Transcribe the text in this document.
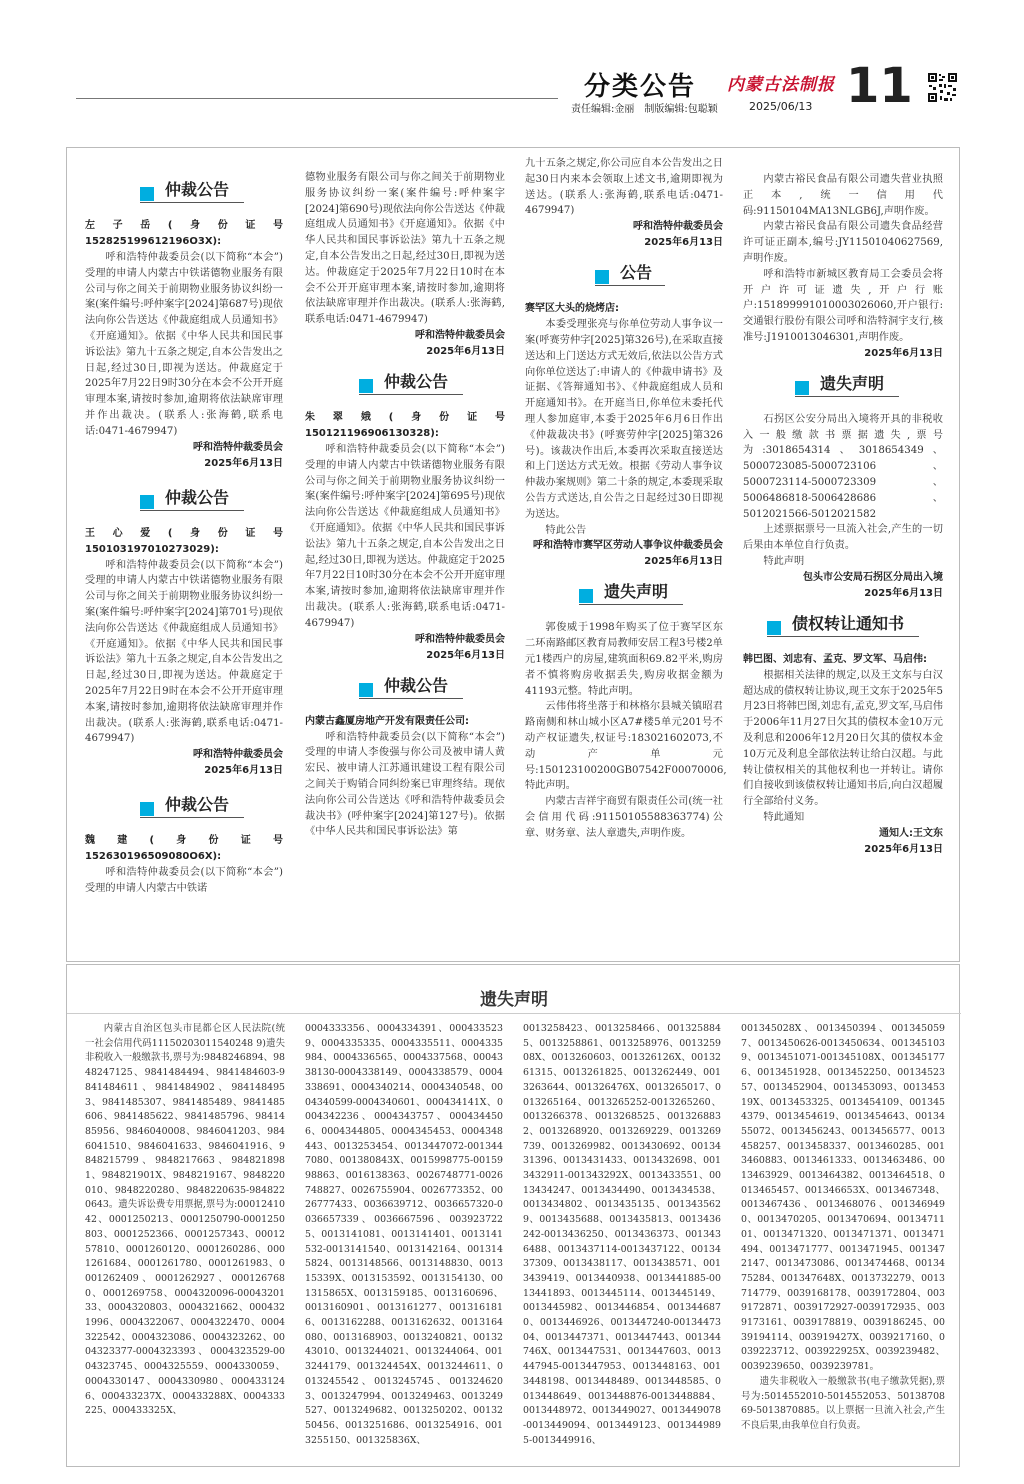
分类公告 内蒙古法制报
责任编辑:金丽　制版编辑:包聪颖	2025/06/13 11
仲裁公告
左子岳(身份证号152825199612196O3X):

呼和浩特仲裁委员会(以下简称“本会”)受理的申请人内蒙古中铁诺德物业服务有限公司与你之间关于前期物业服务协议纠纷一案(案件编号:呼仲案字[2024]第687号)现依法向你公告送达《仲裁庭组成人员通知书》《开庭通知》。依据《中华人民共和国民事诉讼法》第九十五条之规定,自本公告发出之日起,经过30日,即视为送达。仲裁庭定于2025年7月22日9时30分在本会不公开开庭审理本案,请按时参加,逾期将依法缺席审理并作出裁决。(联系人:张海鹤,联系电话:0471-4679947)

呼和浩特仲裁委员会
2025年6月13日
仲裁公告
王心爱(身份证号150103197010273029):

呼和浩特仲裁委员会(以下简称“本会”)受理的申请人内蒙古中铁诺德物业服务有限公司与你之间关于前期物业服务协议纠纷一案(案件编号:呼仲案字[2024]第701号)现依法向你公告送达《仲裁庭组成人员通知书》《开庭通知》。依据《中华人民共和国民事诉讼法》第九十五条之规定,自本公告发出之日起,经过30日,即视为送达。仲裁庭定于2025年7月22日9时在本会不公开开庭审理本案,请按时参加,逾期将依法缺席审理并作出裁决。(联系人:张海鹤,联系电话:0471-4679947)

呼和浩特仲裁委员会
2025年6月13日
仲裁公告
魏建(身份证号152630196509080O6X):

呼和浩特仲裁委员会(以下简称“本会”)受理的申请人内蒙古中铁诺

德物业服务有限公司与你之间关于前期物业服务协议纠纷一案(案件编号:呼仲案字[2024]第690号)现依法向你公告送达《仲裁庭组成人员通知书》《开庭通知》。依据《中华人民共和国民事诉讼法》第九十五条之规定,自本公告发出之日起,经过30日,即视为送达。仲裁庭定于2025年7月22日10时在本会不公开开庭审理本案,请按时参加,逾期将依法缺席审理并作出裁决。(联系人:张海鹤,联系电话:0471-4679947)

呼和浩特仲裁委员会
2025年6月13日
仲裁公告
朱翠娥(身份证号150121196906130328):

呼和浩特仲裁委员会(以下简称“本会”)受理的申请人内蒙古中铁诺德物业服务有限公司与你之间关于前期物业服务协议纠纷一案(案件编号:呼仲案字[2024]第695号)现依法向你公告送达《仲裁庭组成人员通知书》《开庭通知》。依据《中华人民共和国民事诉讼法》第九十五条之规定,自本公告发出之日起,经过30日,即视为送达。仲裁庭定于2025年7月22日10时30分在本会不公开开庭审理本案,请按时参加,逾期将依法缺席审理并作出裁决。(联系人:张海鹤,联系电话:0471-4679947)

呼和浩特仲裁委员会
2025年6月13日
仲裁公告
内蒙古鑫厦房地产开发有限责任公司:

呼和浩特仲裁委员会(以下简称“本会”)受理的申请人李俊强与你公司及被申请人黄宏民、被申请人江苏通讯建设工程有限公司之间关于购销合同纠纷案已审理终结。现依法向你公司公告送达《呼和浩特仲裁委员会裁决书》(呼仲案字[2024]第127号)。依据《中华人民共和国民事诉讼法》第

九十五条之规定,你公司应自本公告发出之日起30日内来本会领取上述文书,逾期即视为送达。(联系人:张海鹤,联系电话:0471-4679947)

呼和浩特仲裁委员会
2025年6月13日
公告
赛罕区大头的烧烤店:

本委受理张亮与你单位劳动人事争议一案(呼赛劳仲字[2025]第326号),在采取直接送达和上门送达方式无效后,依法以公告方式向你单位送达了:申请人的《仲裁申请书》及证据、《答辩通知书》、《仲裁庭组成人员和开庭通知书》。在开庭当日,你单位未委托代理人参加庭审,本委于2025年6月6日作出《仲裁裁决书》(呼赛劳仲字[2025]第326号)。该裁决作出后,本委再次采取直接送达和上门送达方式无效。根据《劳动人事争议仲裁办案规则》第二十条的规定,本委现采取公告方式送达,自公告之日起经过30日即视为送达。

特此公告

呼和浩特市赛罕区劳动人事争议仲裁委员会
2025年6月13日
遗失声明

郭俊威于1998年购买了位于赛罕区东二环南路邮区教育局教师安居工程3号楼2单元1楼西户的房屋,建筑面积69.82平米,购房者不慎将购房收据丢失,购房收据金额为41193元整。特此声明。

云伟伟将坐落于和林格尔县城关镇昭君路南侧和林山城小区A7#楼5单元201号不动产权证遗失,权证号:183021602073,不动产单元号:150123100200GB07542F00070006,特此声明。

内蒙古吉祥宇商贸有限责任公司(统一社会信用代码:91150105588363774)公章、财务章、法人章遗失,声明作废。

内蒙古裕民食品有限公司遗失营业执照正本,统一信用代码:91150104MA13NLGB6J,声明作废。

内蒙古裕民食品有限公司遗失食品经营许可证正副本,编号:JY11501040627569,声明作废。

呼和浩特市新城区教育局工会委员会将开户许可证遗失,开户行账户:151899991010003026060,开户银行:交通银行股份有限公司呼和浩特洞宇支行,核准号:J1910013046301,声明作废。

2025年6月13日
遗失声明

石拐区公安分局出入境将开具的非税收入一般缴款书票据遗失,票号为:3018654314、3018654349、5000723085-5000723106、5000723114-5000723309、5006486818-5006428686、5012021566-5012021582

上述票据票号一旦流入社会,产生的一切后果由本单位自行负责。

特此声明

包头市公安局石拐区分局出入境
2025年6月13日
债权转让通知书
韩巴图、刘忠有、孟克、罗文军、马启伟:

根据相关法律的规定,以及王文东与白汉超达成的债权转让协议,现王文东于2025年5月23日将韩巴图,刘忠有,孟克,罗文军,马启伟于2006年11月27日欠其的债权本金10万元及利息和2006年12月20日欠其的债权本金10万元及利息全部依法转让给白汉超。与此转让债权相关的其他权利也一并转让。请你们自接收到该债权转让通知书后,向白汉超履行全部给付义务。

特此通知

通知人:王文东
2025年6月13日
遗失声明

内蒙古自治区包头市昆都仑区人民法院(统一社会信用代码11150203011540248 9)遗失非税收入一般缴款书,票号为:9848246894、9848247125、9841484494、9841484603-9841484611、9841484902、9841484953、9841485307、9841485489、9841485606、9841485622、9841485796、9841485956、9846040008、9846041203、9846041510、9846041633、9846041916、9848215799、9848217663、9848218981、984821901X、9848219167、9848220010、9848220280、9848220635-9848220643。遗失诉讼费专用票据,票号为:0001241042、0001250213、0001250790-0001250803、0001252366、0001257343、0001257810、0001260120、0001260286、0001261684、0001261780、0001261983、0001262409、0001262927、0001267680、0001269758、0004320096-0004320133、0004320803、0004321662、0004321996、0004322067、0004322470、0004322542、0004323086、0004323262、0004323377-0004323393、0004323529-0004323745、0004325559、0004330059、0004330147、0004330980、0004331246、000433237X、000433288X、0004333225、000433325X、

0004333356、0004334391、0004335239、0004335335、0004335511、0004335984、0004336565、0004337568、0004338130-0004338149、0004338579、0004338691、0004340214、0004340548、0004340599-0004340601、000434141X、0004342236、0004343757、0004344506、0004344805、0004345453、0004348443、0013253454、0013447072-0013447080、001380843X、0015998775-0015998863、0016138363、0026748771-0026748827、0026755904、0026773352、0026777433、0036639712、0036657320-0036657339、0036667596、0039237225、0013141081、0013141401、0013141532-0013141540、0013142164、0013145824、0013148566、0013148830、001315339X、0013153592、0013154130、001315865X、0013159185、0013160696、0013160901、0013161277、0013161816、0013162288、0013162632、0013164080、0013168903、0013240821、0013243010、0013244021、0013244064、0013244179、001324454X、0013244611、0013245542、0013245745、0013246203、0013247994、0013249463、0013249527、0013249682、0013250202、0013250456、0013251686、0013254916、0013255150、001325836X、

0013258423、0013258466、0013258845、0013258861、0013258976、001325908X、0013260603、001326126X、0013261315、0013261825、0013262449、0013263644、001326476X、0013265017、0013265164、0013265252-0013265260、0013266378、0013268525、0013268832、0013268920、0013269229、0013269739、0013269982、0013430692、0013431396、0013431433、0013432698、0013432911-001343292X、0013433551、0013434247、0013434490、0013434538、0013434802、0013435135、0013435629、0013435688、0013435813、0013436242-0013436250、0013436373、0013436488、0013437114-0013437122、0013437309、0013438117、0013438571、0013439419、0013440938、0013441885-0013441893、0013445114、0013445149、0013445982、0013446854、0013446870、0013446926、0013447240-0013447304、0013447371、0013447443、001344746X、0013447531、0013447603、0013447945-0013447953、0013448163、0013448198、0013448489、0013448585、0013448649、0013448876-0013448884、0013448972、0013449027、0013449078-0013449094、0013449123、0013449895-0013449916、

001345028X、0013450394、0013450597、0013450626-0013450634、0013451039、0013451071-001345108X、0013451776、0013451928、0013452250、0013452357、0013452904、0013453093、001345319X、0013453325、0013454109、0013454379、0013454619、0013454643、0013455072、0013456243、0013456577、0013458257、0013458337、0013460285、0013460883、0013461333、0013463486、0013463929、0013464382、0013464518、0013465457、001346653X、0013467348、0013467436、0013468076、0013469490、0013470205、0013470694、0013471101、0013471320、0013471371、0013471494、0013471777、0013471945、0013472147、0013473086、0013474468、0013475284、001347648X、0013732279、0013714779、0039168178、0039172804、0039172871、0039172927-0039172935、0039173161、0039178819、0039186245、0039194114、003919427X、0039217160、0039223712、003922925X、0039239482、0039239650、0039239781。

遗失非税收入一般缴款书(电子缴款凭据),票号为:5014552010-5014552053、5013870869-5013870885。以上票据一旦流入社会,产生不良后果,由我单位自行负责。
